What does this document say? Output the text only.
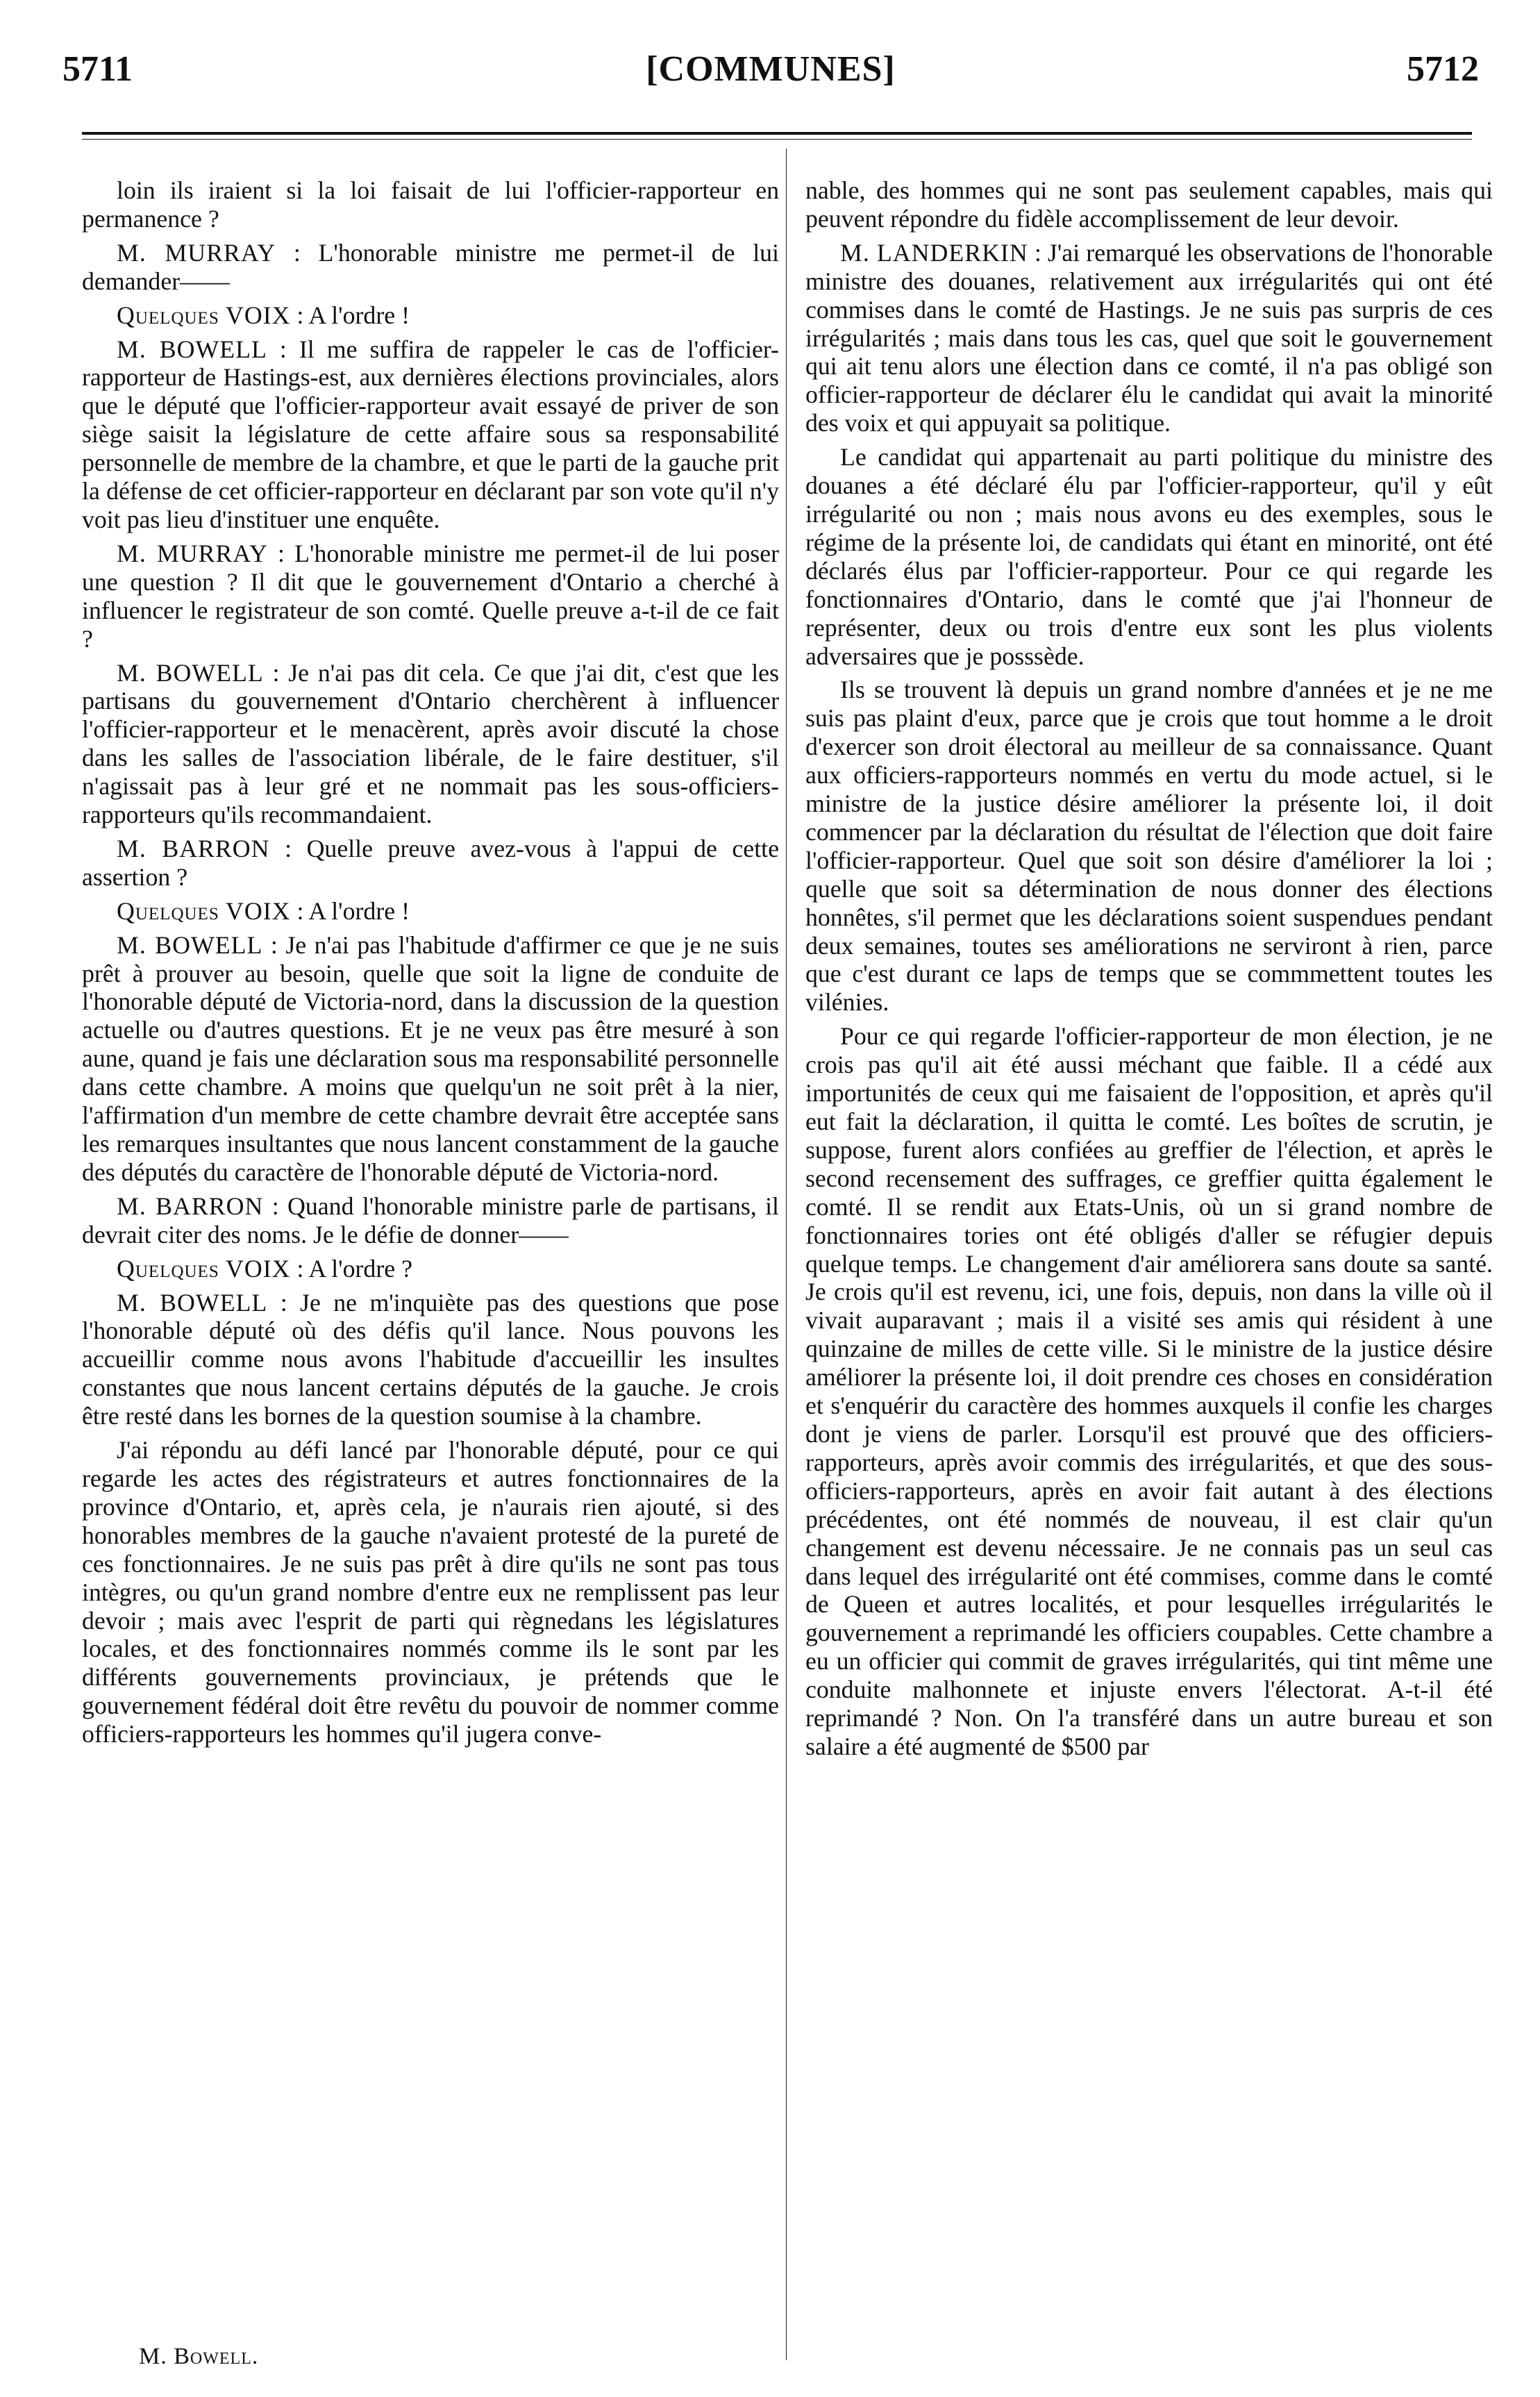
5711	[COMMUNES]	5712

loin ils iraient si la loi faisait de lui l'officier-rapporteur en permanence ?

M. MURRAY : L'honorable ministre me permet-il de lui demander——

Quelques VOIX : A l'ordre !

M. BOWELL : Il me suffira de rappeler le cas de l'officier-rapporteur de Hastings-est, aux dernières élections provinciales, alors que le député que l'officier-rapporteur avait essayé de priver de son siège saisit la législature de cette affaire sous sa responsabilité personnelle de membre de la chambre, et que le parti de la gauche prit la défense de cet officier-rapporteur en déclarant par son vote qu'il n'y voit pas lieu d'instituer une enquête.

M. MURRAY : L'honorable ministre me permet-il de lui poser une question ? Il dit que le gouvernement d'Ontario a cherché à influencer le registrateur de son comté. Quelle preuve a-t-il de ce fait ?

M. BOWELL : Je n'ai pas dit cela. Ce que j'ai dit, c'est que les partisans du gouvernement d'Ontario cherchèrent à influencer l'officier-rapporteur et le menacèrent, après avoir discuté la chose dans les salles de l'association libérale, de le faire destituer, s'il n'agissait pas à leur gré et ne nommait pas les sous-officiers-rapporteurs qu'ils recommandaient.

M. BARRON : Quelle preuve avez-vous à l'appui de cette assertion ?

Quelques VOIX : A l'ordre !

M. BOWELL : Je n'ai pas l'habitude d'affirmer ce que je ne suis prêt à prouver au besoin, quelle que soit la ligne de conduite de l'honorable député de Victoria-nord, dans la discussion de la question actuelle ou d'autres questions. Et je ne veux pas être mesuré à son aune, quand je fais une déclaration sous ma responsabilité personnelle dans cette chambre. A moins que quelqu'un ne soit prêt à la nier, l'affirmation d'un membre de cette chambre devrait être acceptée sans les remarques insultantes que nous lancent constamment de la gauche des députés du caractère de l'honorable député de Victoria-nord.

M. BARRON : Quand l'honorable ministre parle de partisans, il devrait citer des noms. Je le défie de donner——

Quelques VOIX : A l'ordre ?

M. BOWELL : Je ne m'inquiète pas des questions que pose l'honorable député où des défis qu'il lance. Nous pouvons les accueillir comme nous avons l'habitude d'accueillir les insultes constantes que nous lancent certains députés de la gauche. Je crois être resté dans les bornes de la question soumise à la chambre.

J'ai répondu au défi lancé par l'honorable député, pour ce qui regarde les actes des régistrateurs et autres fonctionnaires de la province d'Ontario, et, après cela, je n'aurais rien ajouté, si des honorables membres de la gauche n'avaient protesté de la pureté de ces fonctionnaires. Je ne suis pas prêt à dire qu'ils ne sont pas tous intègres, ou qu'un grand nombre d'entre eux ne remplissent pas leur devoir ; mais avec l'esprit de parti qui règnedans les législatures locales, et des fonctionnaires nommés comme ils le sont par les différents gouvernements provinciaux, je prétends que le gouvernement fédéral doit être revêtu du pouvoir de nommer comme officiers-rapporteurs les hommes qu'il jugera conve-

nable, des hommes qui ne sont pas seulement capables, mais qui peuvent répondre du fidèle accomplissement de leur devoir.

M. LANDERKIN : J'ai remarqué les observations de l'honorable ministre des douanes, relativement aux irrégularités qui ont été commises dans le comté de Hastings. Je ne suis pas surpris de ces irrégularités ; mais dans tous les cas, quel que soit le gouvernement qui ait tenu alors une élection dans ce comté, il n'a pas obligé son officier-rapporteur de déclarer élu le candidat qui avait la minorité des voix et qui appuyait sa politique.

Le candidat qui appartenait au parti politique du ministre des douanes a été déclaré élu par l'officier-rapporteur, qu'il y eût irrégularité ou non ; mais nous avons eu des exemples, sous le régime de la présente loi, de candidats qui étant en minorité, ont été déclarés élus par l'officier-rapporteur. Pour ce qui regarde les fonctionnaires d'Ontario, dans le comté que j'ai l'honneur de représenter, deux ou trois d'entre eux sont les plus violents adversaires que je posssède.

Ils se trouvent là depuis un grand nombre d'années et je ne me suis pas plaint d'eux, parce que je crois que tout homme a le droit d'exercer son droit électoral au meilleur de sa connaissance. Quant aux officiers-rapporteurs nommés en vertu du mode actuel, si le ministre de la justice désire améliorer la présente loi, il doit commencer par la déclaration du résultat de l'élection que doit faire l'officier-rapporteur. Quel que soit son désire d'améliorer la loi ; quelle que soit sa détermination de nous donner des élections honnêtes, s'il permet que les déclarations soient suspendues pendant deux semaines, toutes ses améliorations ne serviront à rien, parce que c'est durant ce laps de temps que se commmettent toutes les vilénies.

Pour ce qui regarde l'officier-rapporteur de mon élection, je ne crois pas qu'il ait été aussi méchant que faible. Il a cédé aux importunités de ceux qui me faisaient de l'opposition, et après qu'il eut fait la déclaration, il quitta le comté. Les boîtes de scrutin, je suppose, furent alors confiées au greffier de l'élection, et après le second recensement des suffrages, ce greffier quitta également le comté. Il se rendit aux Etats-Unis, où un si grand nombre de fonctionnaires tories ont été obligés d'aller se réfugier depuis quelque temps. Le changement d'air améliorera sans doute sa santé. Je crois qu'il est revenu, ici, une fois, depuis, non dans la ville où il vivait auparavant ; mais il a visité ses amis qui résident à une quinzaine de milles de cette ville. Si le ministre de la justice désire améliorer la présente loi, il doit prendre ces choses en considération et s'enquérir du caractère des hommes auxquels il confie les charges dont je viens de parler. Lorsqu'il est prouvé que des officiers-rapporteurs, après avoir commis des irrégularités, et que des sous-officiers-rapporteurs, après en avoir fait autant à des élections précédentes, ont été nommés de nouveau, il est clair qu'un changement est devenu nécessaire. Je ne connais pas un seul cas dans lequel des irrégularité ont été commises, comme dans le comté de Queen et autres localités, et pour lesquelles irrégularités le gouvernement a reprimandé les officiers coupables. Cette chambre a eu un officier qui commit de graves irrégularités, qui tint même une conduite malhonnete et injuste envers l'électorat. A-t-il été reprimandé ? Non. On l'a transféré dans un autre bureau et son salaire a été augmenté de $500 par

M. Bowell.
